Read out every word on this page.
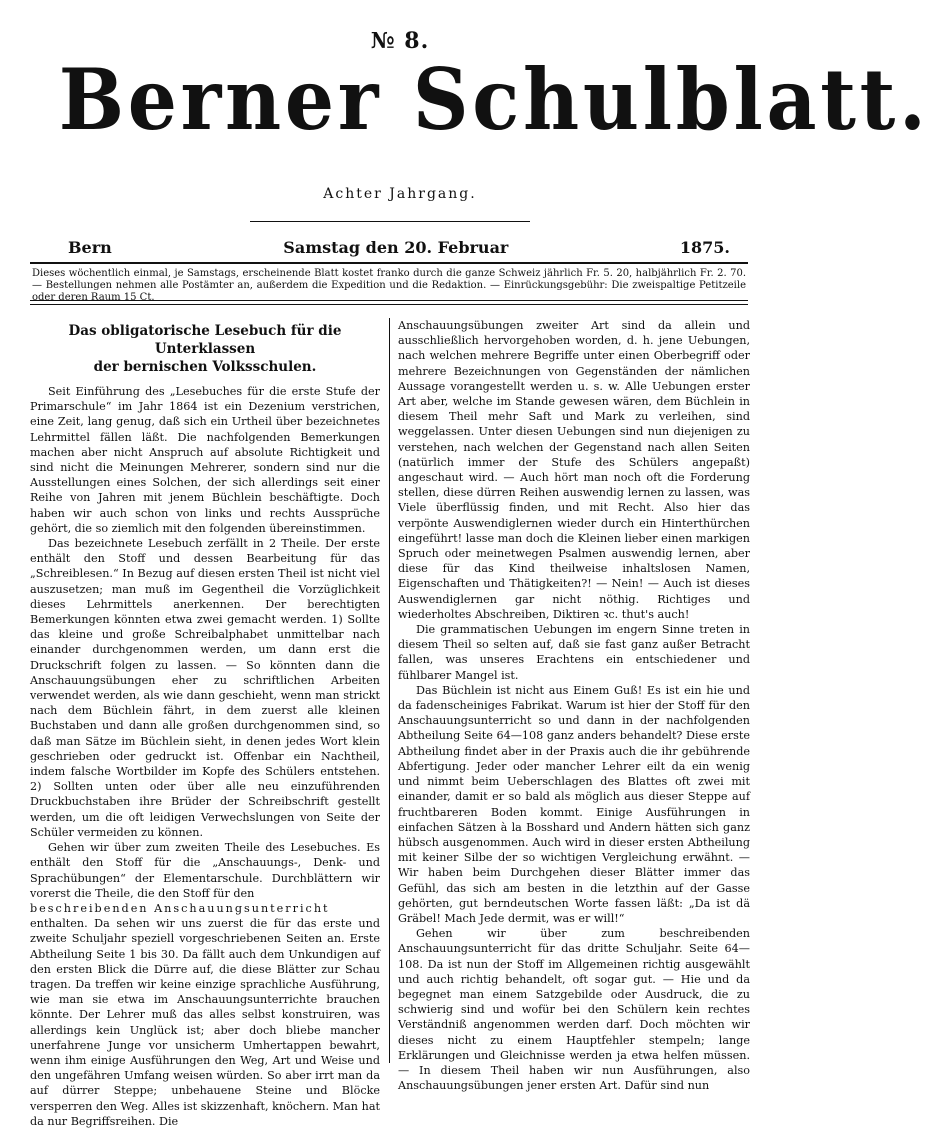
№ 8.
Berner Schulblatt.
Achter Jahrgang.
Bern	Samstag den 20. Februar	1875.
Dieses wöchentlich einmal, je Samstags, erscheinende Blatt kostet franko durch die ganze Schweiz jährlich Fr. 5. 20, halbjährlich Fr. 2. 70. — Bestellungen nehmen alle Postämter an, außerdem die Expedition und die Redaktion. — Einrückungsgebühr: Die zweispaltige Petitzeile oder deren Raum 15 Ct.
Das obligatorische Lesebuch für die Unterklassen
der bernischen Volksschulen.

Seit Einführung des „Lesebuches für die erste Stufe der Primarschule“ im Jahr 1864 ist ein Dezenium verstrichen, eine Zeit, lang genug, daß sich ein Urtheil über bezeichnetes Lehrmittel fällen läßt. Die nachfolgenden Bemerkungen machen aber nicht Anspruch auf absolute Richtigkeit und sind nicht die Meinungen Mehrerer, sondern sind nur die Ausstellungen eines Solchen, der sich allerdings seit einer Reihe von Jahren mit jenem Büchlein beschäftigte. Doch haben wir auch schon von links und rechts Aussprüche gehört, die so ziemlich mit den folgenden übereinstimmen.

Das bezeichnete Lesebuch zerfällt in 2 Theile. Der erste enthält den Stoff und dessen Bearbeitung für das „Schreiblesen.“ In Bezug auf diesen ersten Theil ist nicht viel auszusetzen; man muß im Gegentheil die Vorzüglichkeit dieses Lehrmittels anerkennen. Der berechtigten Bemerkungen könnten etwa zwei gemacht werden. 1) Sollte das kleine und große Schreibalphabet unmittelbar nach einander durchgenommen werden, um dann erst die Druckschrift folgen zu lassen. — So könnten dann die Anschauungsübungen eher zu schriftlichen Arbeiten verwendet werden, als wie dann geschieht, wenn man strickt nach dem Büchlein fährt, in dem zuerst alle kleinen Buchstaben und dann alle großen durchgenommen sind, so daß man Sätze im Büchlein sieht, in denen jedes Wort klein geschrieben oder gedruckt ist. Offenbar ein Nachtheil, indem falsche Wortbilder im Kopfe des Schülers entstehen. 2) Sollten unten oder über alle neu einzuführenden Druckbuchstaben ihre Brüder der Schreibschrift gestellt werden, um die oft leidigen Verwechslungen von Seite der Schüler vermeiden zu können.

Gehen wir über zum zweiten Theile des Lesebuches. Es enthält den Stoff für die „Anschauungs-, Denk- und Sprachübungen“ der Elementarschule. Durchblättern wir vorerst die Theile, die den Stoff für den

beschreibenden Anschauungsunterricht

enthalten. Da sehen wir uns zuerst die für das erste und zweite Schuljahr speziell vorgeschriebenen Seiten an. Erste Abtheilung Seite 1 bis 30. Da fällt auch dem Unkundigen auf den ersten Blick die Dürre auf, die diese Blätter zur Schau tragen. Da treffen wir keine einzige sprachliche Ausführung, wie man sie etwa im Anschauungsunterrichte brauchen könnte. Der Lehrer muß das alles selbst konstruiren, was allerdings kein Unglück ist; aber doch bliebe mancher unerfahrene Junge vor unsicherm Umhertappen bewahrt, wenn ihm einige Ausführungen den Weg, Art und Weise und den ungefähren Umfang weisen würden. So aber irrt man da auf dürrer Steppe; unbehauene Steine und Blöcke versperren den Weg. Alles ist skizzenhaft, knöchern. Man hat da nur Begriffsreihen. Die

Anschauungsübungen zweiter Art sind da allein und ausschließlich hervorgehoben worden, d. h. jene Uebungen, nach welchen mehrere Begriffe unter einen Oberbegriff oder mehrere Bezeichnungen von Gegenständen der nämlichen Aussage vorangestellt werden u. s. w. Alle Uebungen erster Art aber, welche im Stande gewesen wären, dem Büchlein in diesem Theil mehr Saft und Mark zu verleihen, sind weggelassen. Unter diesen Uebungen sind nun diejenigen zu verstehen, nach welchen der Gegenstand nach allen Seiten (natürlich immer der Stufe des Schülers angepaßt) angeschaut wird. — Auch hört man noch oft die Forderung stellen, diese dürren Reihen auswendig lernen zu lassen, was Viele überflüssig finden, und mit Recht. Also hier das verpönte Auswendiglernen wieder durch ein Hinterthürchen eingeführt! lasse man doch die Kleinen lieber einen markigen Spruch oder meinetwegen Psalmen auswendig lernen, aber diese für das Kind theilweise inhaltslosen Namen, Eigenschaften und Thätigkeiten?! — Nein! — Auch ist dieses Auswendiglernen gar nicht nöthig. Richtiges und wiederholtes Abschreiben, Diktiren ꝛc. thut's auch!

Die grammatischen Uebungen im engern Sinne treten in diesem Theil so selten auf, daß sie fast ganz außer Betracht fallen, was unseres Erachtens ein entschiedener und fühlbarer Mangel ist.

Das Büchlein ist nicht aus Einem Guß! Es ist ein hie und da fadenscheiniges Fabrikat. Warum ist hier der Stoff für den Anschauungsunterricht so und dann in der nachfolgenden Abtheilung Seite 64—108 ganz anders behandelt? Diese erste Abtheilung findet aber in der Praxis auch die ihr gebührende Abfertigung. Jeder oder mancher Lehrer eilt da ein wenig und nimmt beim Ueberschlagen des Blattes oft zwei mit einander, damit er so bald als möglich aus dieser Steppe auf fruchtbareren Boden kommt. Einige Ausführungen in einfachen Sätzen à la Bosshard und Andern hätten sich ganz hübsch ausgenommen. Auch wird in dieser ersten Abtheilung mit keiner Silbe der so wichtigen Vergleichung erwähnt. — Wir haben beim Durchgehen dieser Blätter immer das Gefühl, das sich am besten in die letzthin auf der Gasse gehörten, gut berndeutschen Worte fassen läßt: „Da ist dä Gräbel! Mach Jede dermit, was er will!“

Gehen wir über zum beschreibenden Anschauungsunterricht für das dritte Schuljahr. Seite 64—108. Da ist nun der Stoff im Allgemeinen richtig ausgewählt und auch richtig behandelt, oft sogar gut. — Hie und da begegnet man einem Satzgebilde oder Ausdruck, die zu schwierig sind und wofür bei den Schülern kein rechtes Verständniß angenommen werden darf. Doch möchten wir dieses nicht zu einem Hauptfehler stempeln; lange Erklärungen und Gleichnisse werden ja etwa helfen müssen. — In diesem Theil haben wir nun Ausführungen, also Anschauungsübungen jener ersten Art. Dafür sind nun
